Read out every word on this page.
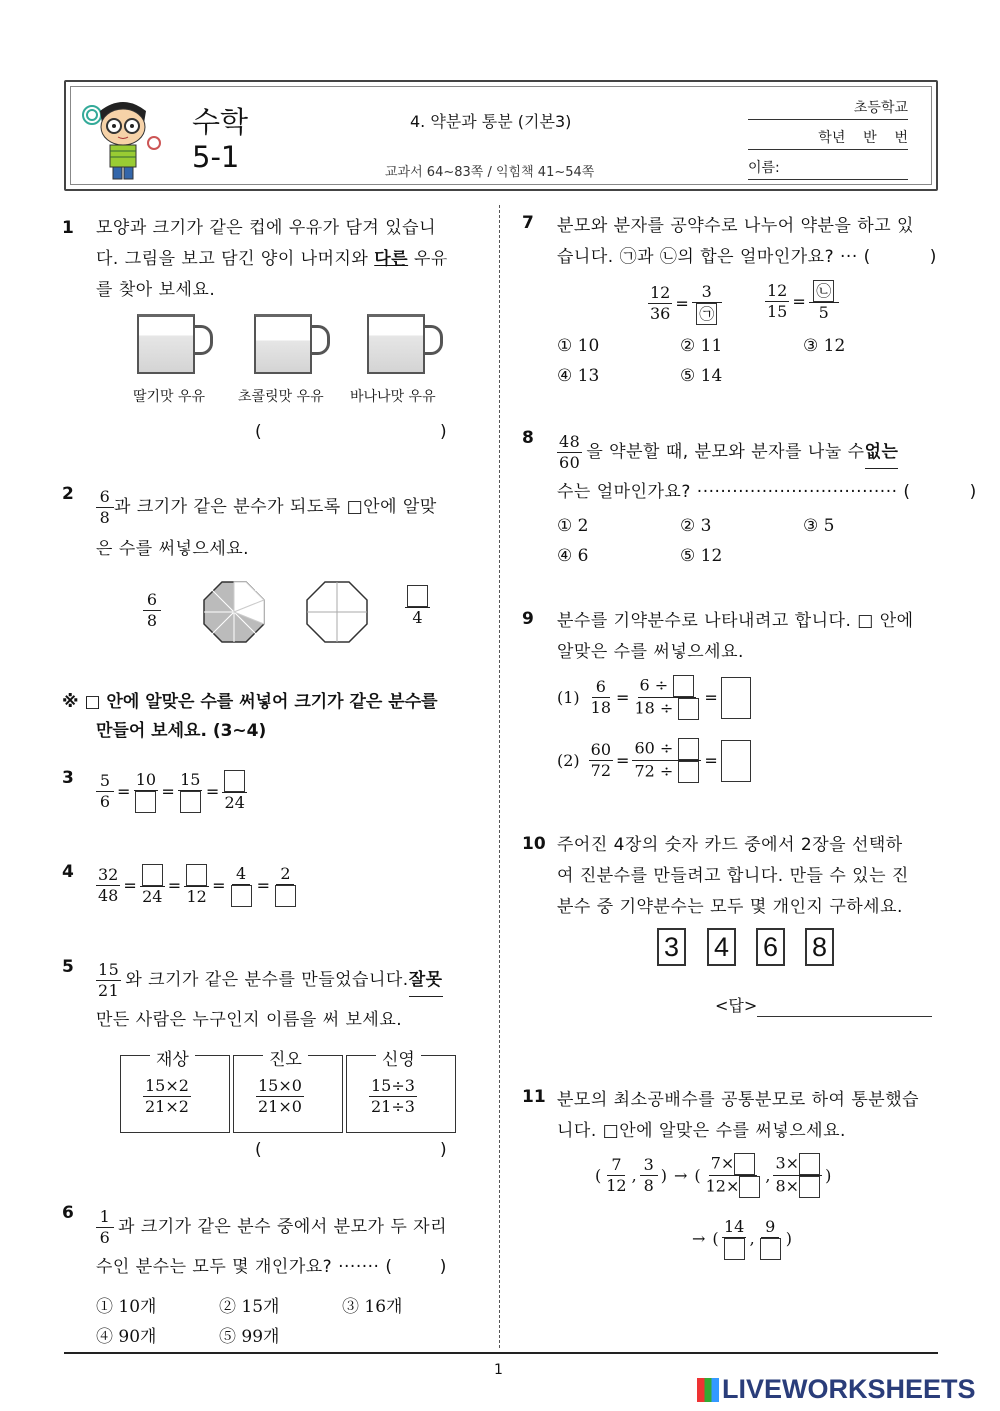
수학
5-1
4. 약분과 통분 (기본3)
교과서 64~83쪽 / 익힘책 41~54쪽
초등학교
학년    반    번
이름:
1 모양과 크기가 같은 컵에 우유가 담겨 있습니
다. 그림을 보고 담긴 양이 나머지와 다른 우유
를 찾아 보세요.
딸기맛 우유 초콜릿맛 우유 바나나맛 우유
(                                 )
$2 \frac{6}{8}$ 과 크기가 같은 분수가 되도록 □안에 알맞
은 수를 써넣으세요.
$\frac{6}{8}$	4
※ □ 안에 알맞은 수를 써넣어 크기가 같은 분수를
만들어 보세요. (3~4)
$3 \frac{5}{6}$ =
10
=
15
=
24
$4 \frac{32}{48}$ =
24
=
12
=
4
=
2
$5 \frac{15}{21}$ 와 크기가 같은 분수를 만들었습니다. 잘못
만든 사람은 누구인지 이름을 써 보세요.
재상	진오	신영
$\frac{15\times 2}{21\times 2}$	$\frac{15\times 0}{21\times 0}$	$\frac{15\div 3}{21\div 3}$
(                                 )
$6 \frac{1}{6}$ 과 크기가 같은 분수 중에서 분모가 두 자리
수인 분수는 모두 몇 개인가요? ······· (        )
① 10개	② 15개	③ 16개
④ 90개	⑤ 99개
7 분모와 분자를 공약수로 나누어 약분을 하고 있
습니다. ㉠과 ㉡의 합은 얼마인가요? ··· (          )
$\frac{12}{36} = \frac{3}{㉠}$	$\frac{12}{15} = \frac{㉡}{5}$
① 10	② 11	③ 12
④ 13	⑤ 14
$8 \frac{48}{60}$ 을 약분할 때, 분모와 분자를 나눌 수 없는
수는 얼마인가요? ·································· (          )
① 2	② 3	③ 5
④ 6	⑤ 12
9 분수를 기약분수로 나타내려고 합니다. □ 안에
알맞은 수를 써넣으세요.
$(1) \frac{6}{18} = \frac{6 \div}{18 \div}$ =
$(2) \frac{60}{72} = \frac{60 \div}{72 \div}$ =
10 주어진 4장의 숫자 카드 중에서 2장을 선택하
여 진분수를 만들려고 합니다. 만들 수 있는 진
분수 중 기약분수는 모두 몇 개인지 구하세요.
3 4 6 8
<답>
11 분모의 최소공배수를 공통분모로 하여 통분했습
니다. □안에 알맞은 수를 써넣으세요.
( $\frac{7}{12}$ , $\frac{3}{8}$ ) → ( $\frac{7\times}{12\times}$ , $\frac{3\times}{8\times}$ )
→ (
14
,
9
)
1
LIVEWORKSHEETS
